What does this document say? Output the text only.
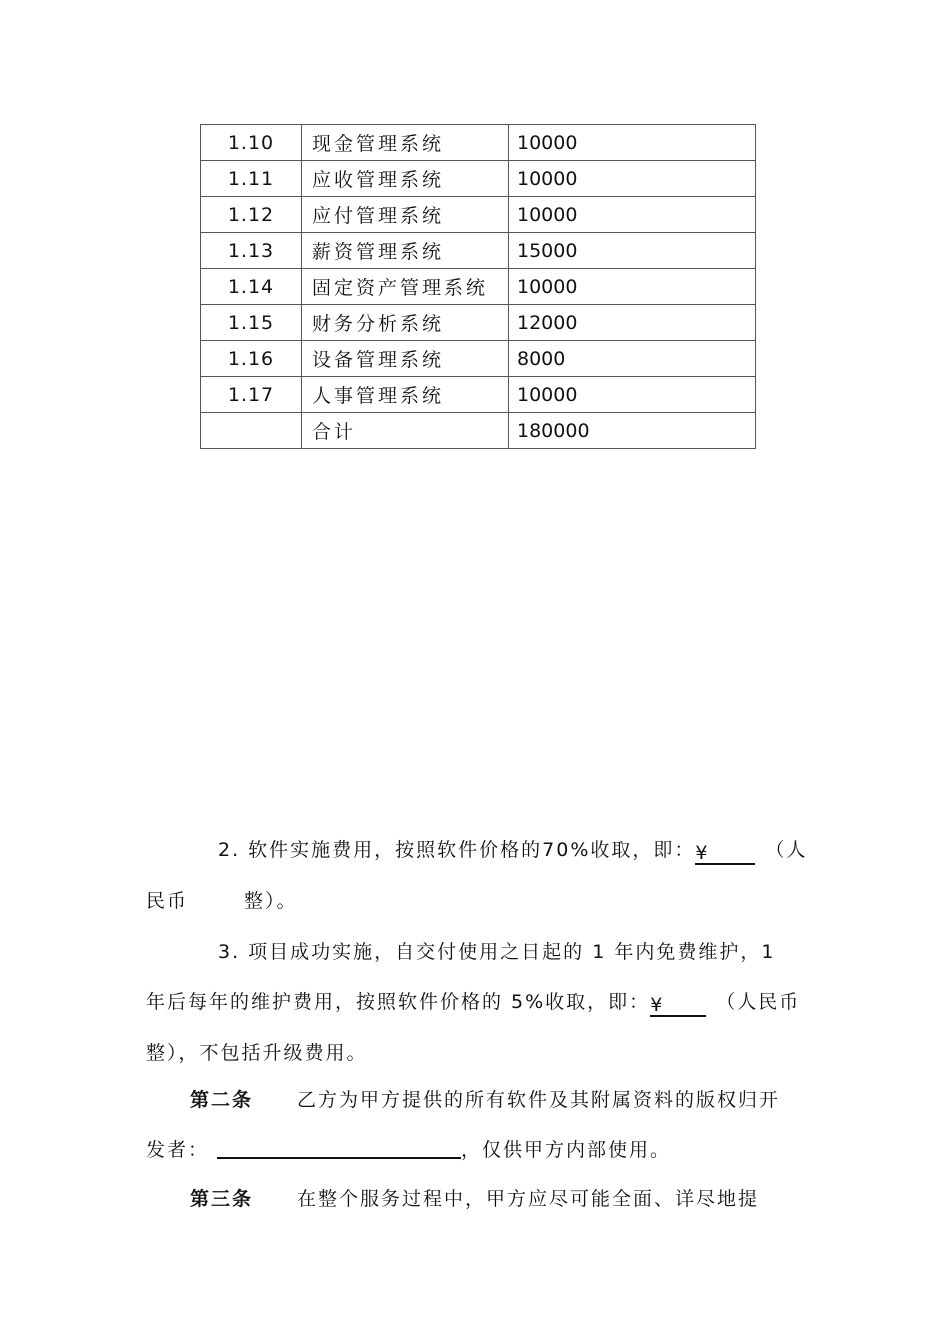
1.10	现金管理系统	10000
1.11	应收管理系统	10000
1.12	应付管理系统	10000
1.13	薪资管理系统	15000
1.14	固定资产管理系统	10000
1.15	财务分析系统	12000
1.16	设备管理系统	8000
1.17	人事管理系统	10000
	合计	180000
2. 软件实施费用，按照软件价格的70%收取，即：¥	（人
民币	整）。
3. 项目成功实施，自交付使用之日起的 1 年内免费维护，1
年后每年的维护费用，按照软件价格的 5%收取，即：¥	（人民币
整），不包括升级费用。
第二条 乙方为甲方提供的所有软件及其附属资料的版权归开
发者：	，仅供甲方内部使用。
第三条 在整个服务过程中，甲方应尽可能全面、详尽地提
